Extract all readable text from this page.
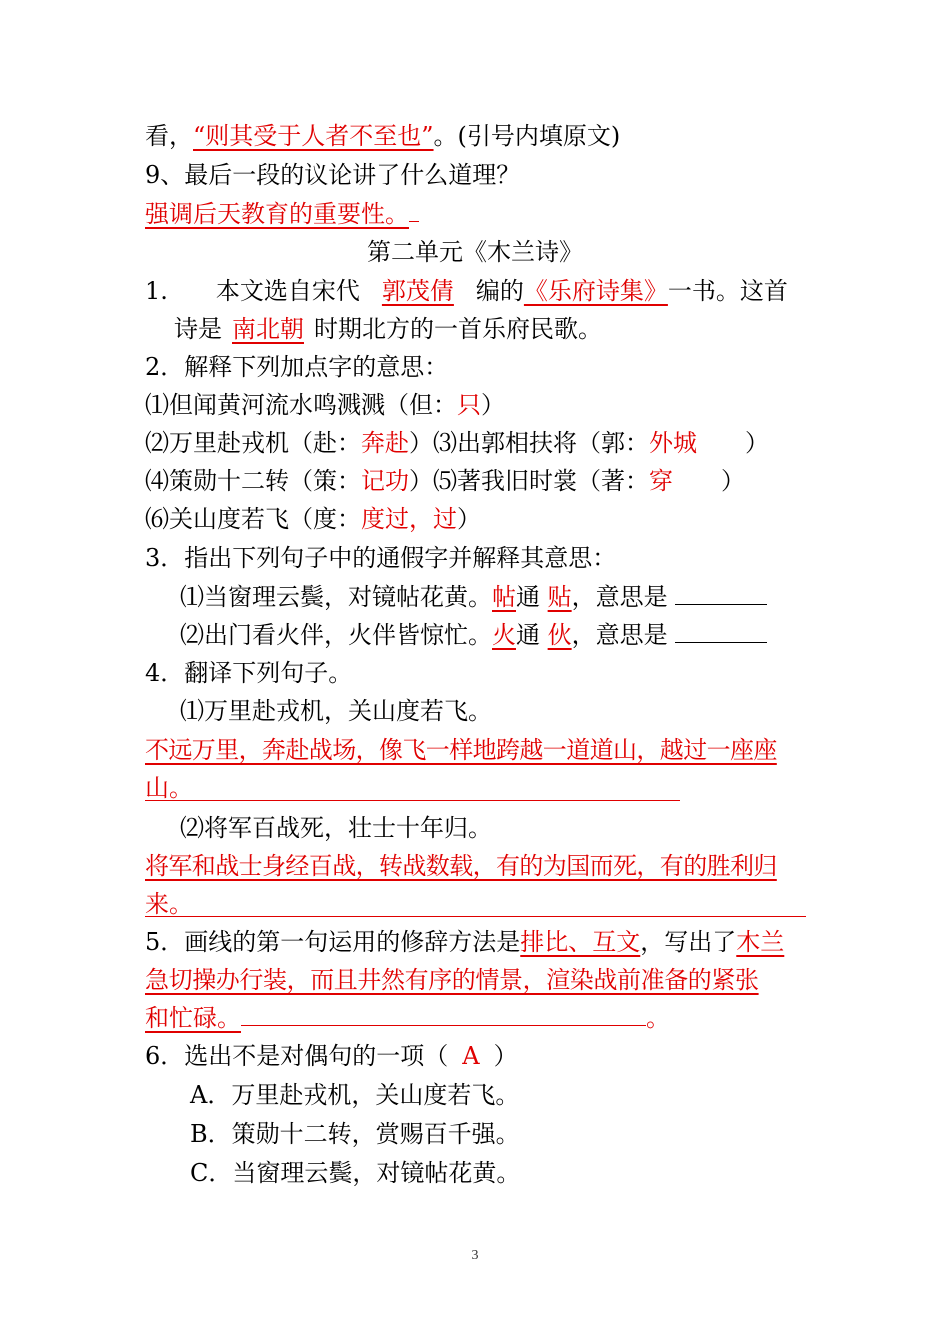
看，“则其受于人者不至也”。(引号内填原文)
9、最后一段的议论讲了什么道理？
强调后天教育的重要性。
第二单元《木兰诗》
1.　　本文选自宋代 郭茂倩 编的《乐府诗集》一书。这首
诗是 南北朝 时期北方的一首乐府民歌。
2．解释下列加点字的意思：
⑴但闻黄河流水鸣溅溅（但：只）
⑵万里赴戎机（赴：奔赴）⑶出郭相扶将（郭：外城　　）
⑷策勋十二转（策：记功）⑸著我旧时裳（著：穿　　）
⑹关山度若飞（度：度过，过）
3．指出下列句子中的通假字并解释其意思：
⑴当窗理云鬓，对镜帖花黄。帖通 贴，意思是
⑵出门看火伴，火伴皆惊忙。火通 伙，意思是
4．翻译下列句子。
⑴万里赴戎机，关山度若飞。
不远万里，奔赴战场，像飞一样地跨越一道道山，越过一座座
山。
⑵将军百战死，壮士十年归。
将军和战士身经百战，转战数载，有的为国而死，有的胜利归
来。
5．画线的第一句运用的修辞方法是排比、互文，写出了木兰
急切操办行装，而且井然有序的情景，渲染战前准备的紧张
和忙碌。	。
6．选出不是对偶句的一项（ A ）
A．万里赴戎机，关山度若飞。
B．策勋十二转，赏赐百千强。
C．当窗理云鬓，对镜帖花黄。
3
